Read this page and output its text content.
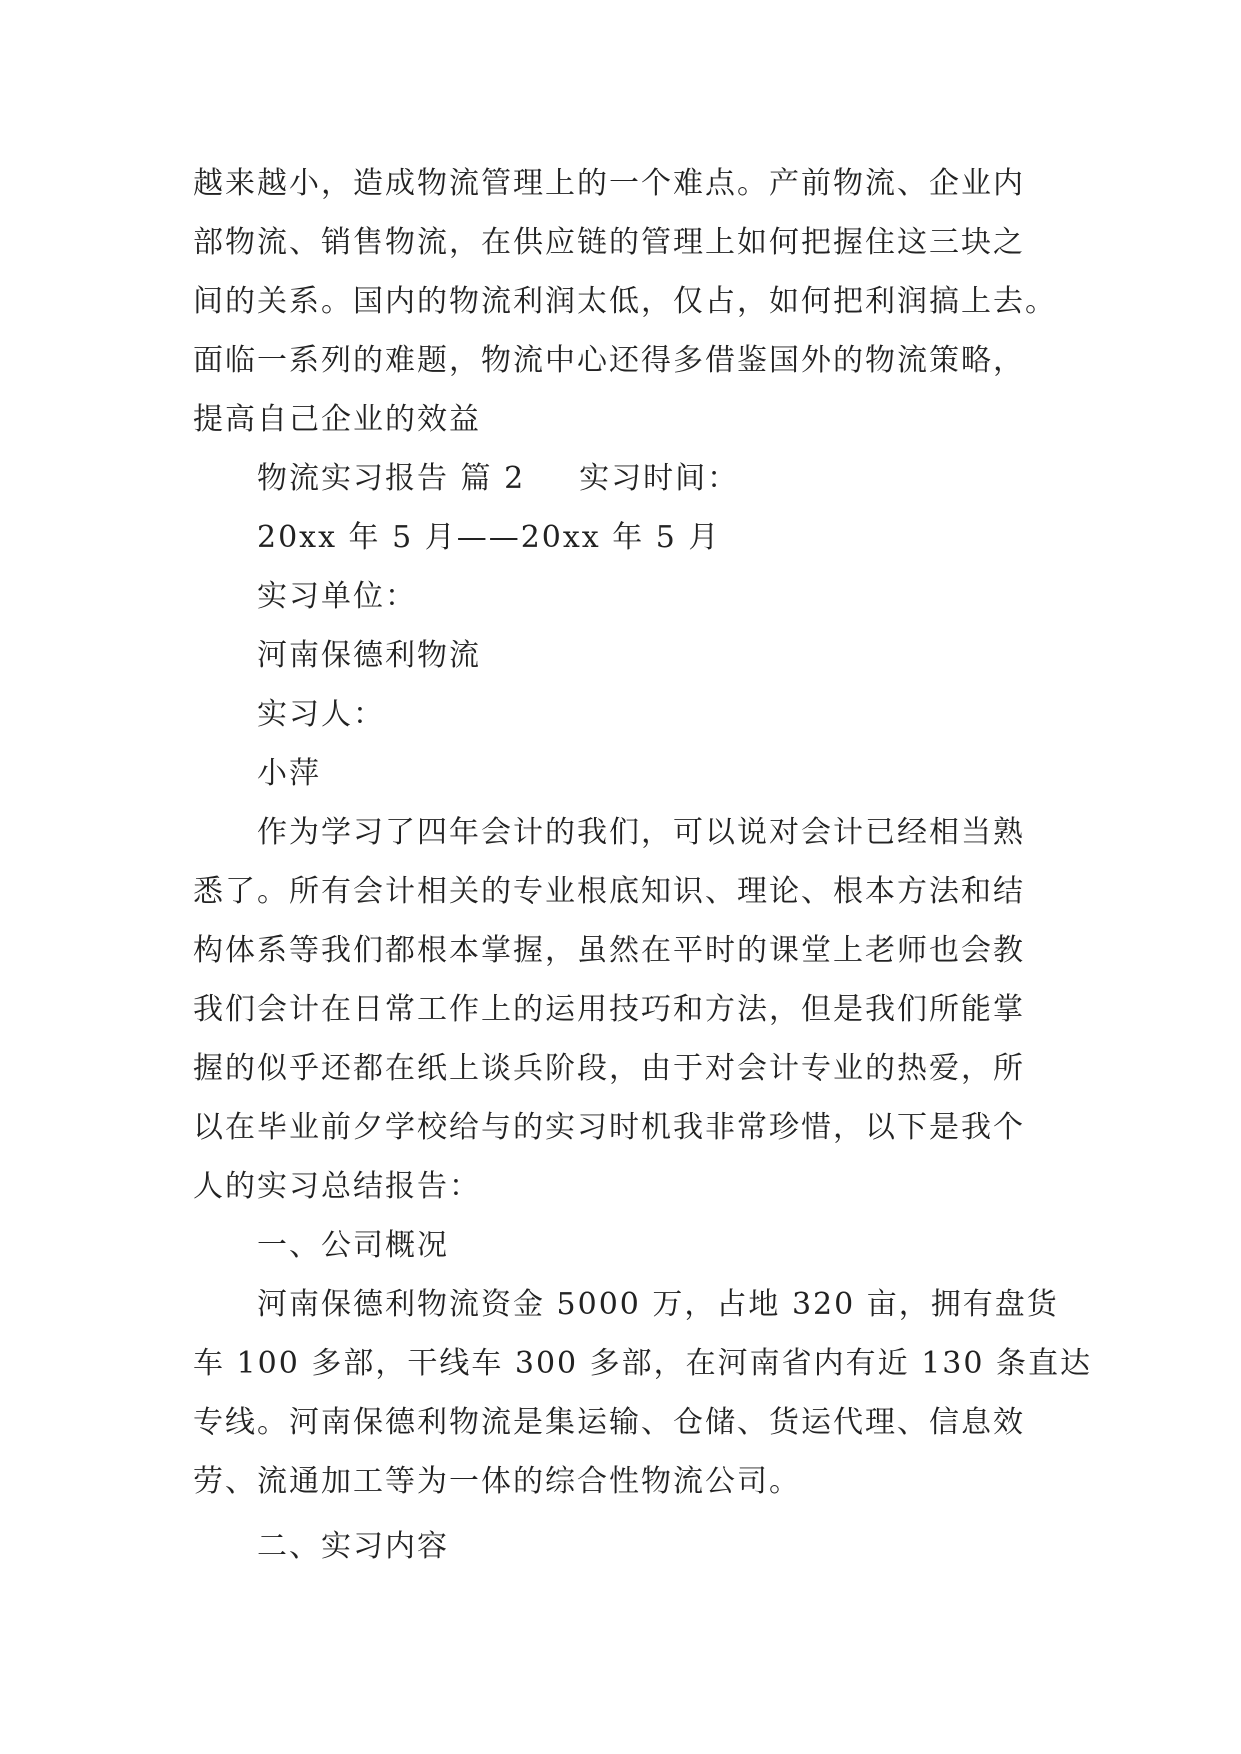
越来越小，造成物流管理上的一个难点。产前物流、企业内

部物流、销售物流，在供应链的管理上如何把握住这三块之

间的关系。国内的物流利润太低，仅占，如何把利润搞上去。

面临一系列的难题，物流中心还得多借鉴国外的物流策略，

提高自己企业的效益

物流实习报告 篇 2 实习时间：

20xx 年 5 月——20xx 年 5 月

实习单位：

河南保德利物流

实习人：

小萍

作为学习了四年会计的我们，可以说对会计已经相当熟

悉了。所有会计相关的专业根底知识、理论、根本方法和结

构体系等我们都根本掌握，虽然在平时的课堂上老师也会教

我们会计在日常工作上的运用技巧和方法，但是我们所能掌

握的似乎还都在纸上谈兵阶段，由于对会计专业的热爱，所

以在毕业前夕学校给与的实习时机我非常珍惜，以下是我个

人的实习总结报告：

一、公司概况

河南保德利物流资金 5000 万，占地 320 亩，拥有盘货

车 100 多部，干线车 300 多部，在河南省内有近 130 条直达

专线。河南保德利物流是集运输、仓储、货运代理、信息效

劳、流通加工等为一体的综合性物流公司。

二、实习内容
